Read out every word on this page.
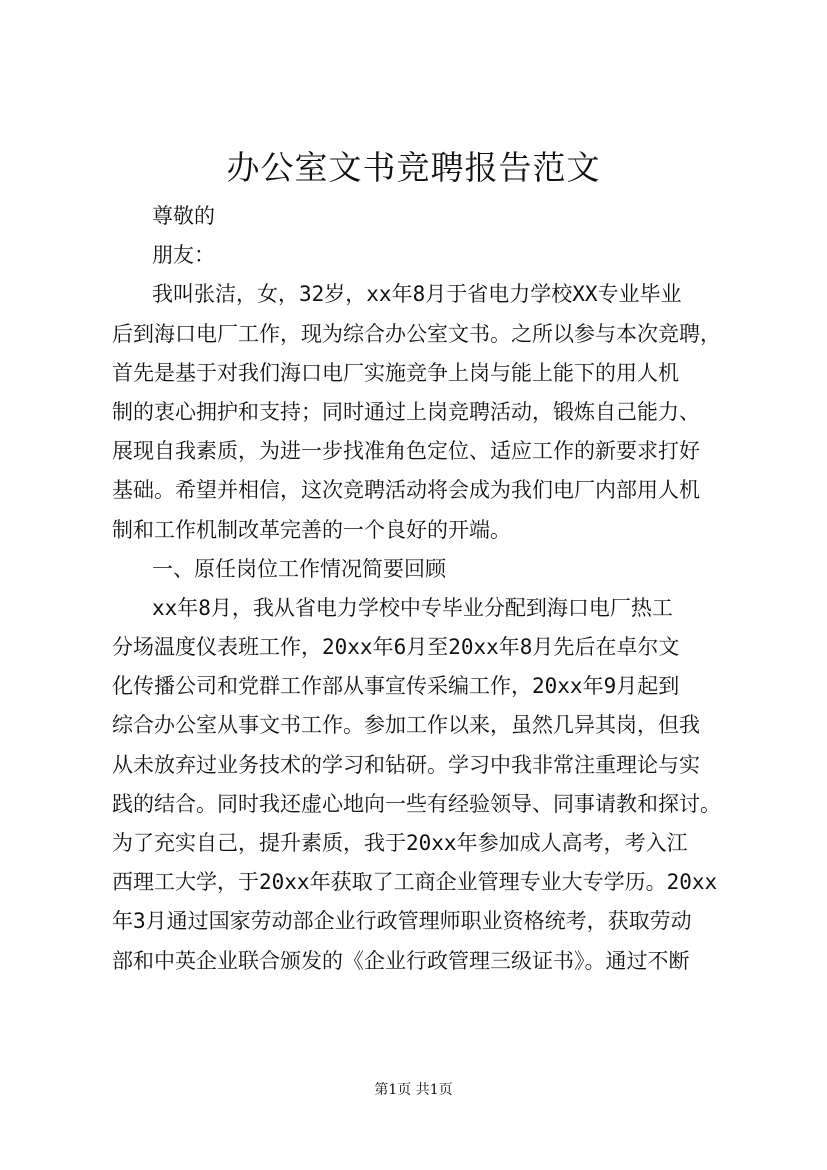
办公室文书竞聘报告范文
尊敬的
朋友：
我叫张洁，女，32岁，xx年8月于省电力学校XX专业毕业
后到海口电厂工作，现为综合办公室文书。之所以参与本次竞聘，
首先是基于对我们海口电厂实施竞争上岗与能上能下的用人机
制的衷心拥护和支持；同时通过上岗竞聘活动，锻炼自己能力、
展现自我素质，为进一步找准角色定位、适应工作的新要求打好
基础。希望并相信，这次竞聘活动将会成为我们电厂内部用人机
制和工作机制改革完善的一个良好的开端。
一、原任岗位工作情况简要回顾
xx年8月，我从省电力学校中专毕业分配到海口电厂热工
分场温度仪表班工作，20xx年6月至20xx年8月先后在卓尔文
化传播公司和党群工作部从事宣传采编工作，20xx年9月起到
综合办公室从事文书工作。参加工作以来，虽然几异其岗，但我
从未放弃过业务技术的学习和钻研。学习中我非常注重理论与实
践的结合。同时我还虚心地向一些有经验领导、同事请教和探讨。
为了充实自己，提升素质，我于20xx年参加成人高考，考入江
西理工大学，于20xx年获取了工商企业管理专业大专学历。20xx
年3月通过国家劳动部企业行政管理师职业资格统考，获取劳动
部和中英企业联合颁发的《企业行政管理三级证书》。通过不断
第1页 共1页
